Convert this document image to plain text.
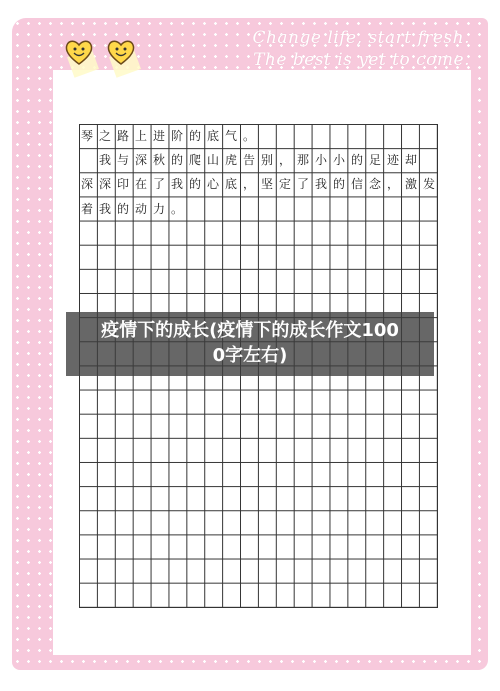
Change life, start fresh.
The best is yet to come.
琴之路上进阶的底气。
　我与深秋的爬山虎告别，那小小的足迹却
深深印在了我的心底，坚定了我的信念，激发
着我的动力。
疫情下的成长(疫情下的成长作文100
0字左右)
